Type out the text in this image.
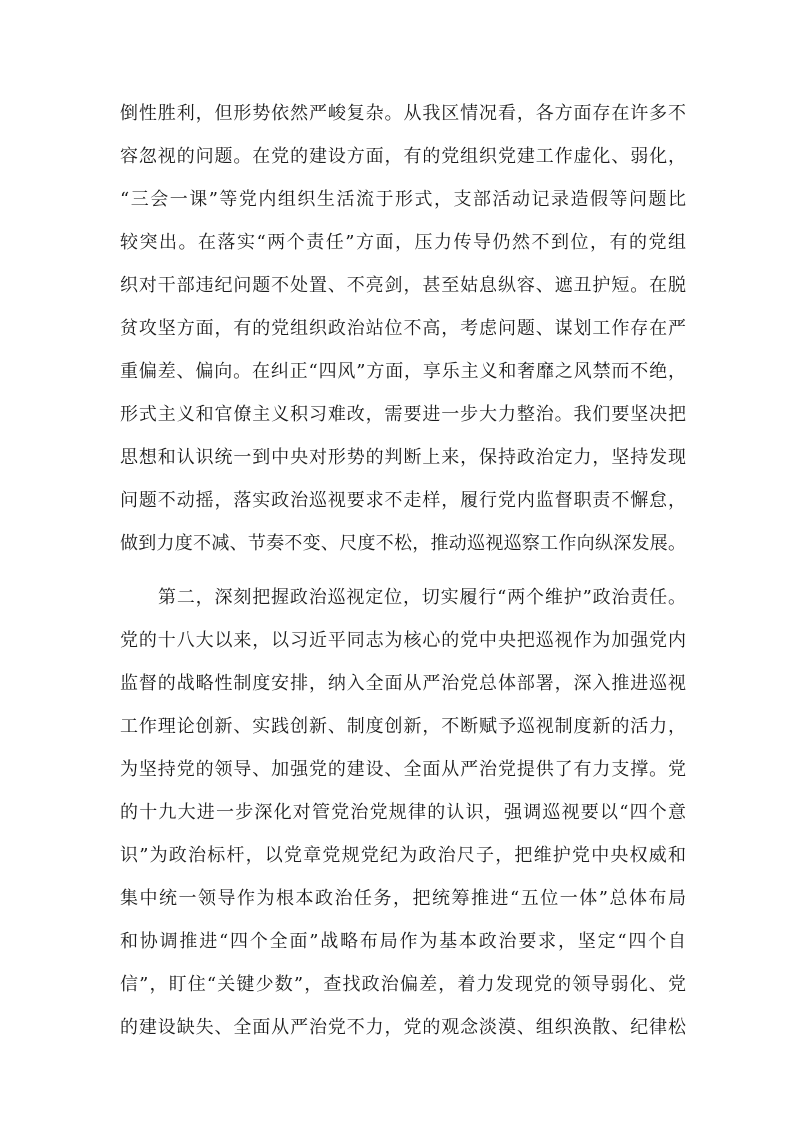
倒性胜利，但形势依然严峻复杂。从我区情况看，各方面存在许多不
容忽视的问题。在党的建设方面，有的党组织党建工作虚化、弱化，
“三会一课”等党内组织生活流于形式，支部活动记录造假等问题比
较突出。在落实“两个责任”方面，压力传导仍然不到位，有的党组
织对干部违纪问题不处置、不亮剑，甚至姑息纵容、遮丑护短。在脱
贫攻坚方面，有的党组织政治站位不高，考虑问题、谋划工作存在严
重偏差、偏向。在纠正“四风”方面，享乐主义和奢靡之风禁而不绝，
形式主义和官僚主义积习难改，需要进一步大力整治。我们要坚决把
思想和认识统一到中央对形势的判断上来，保持政治定力，坚持发现
问题不动摇，落实政治巡视要求不走样，履行党内监督职责不懈怠，
做到力度不减、节奏不变、尺度不松，推动巡视巡察工作向纵深发展。
第二，深刻把握政治巡视定位，切实履行“两个维护”政治责任。
党的十八大以来，以习近平同志为核心的党中央把巡视作为加强党内
监督的战略性制度安排，纳入全面从严治党总体部署，深入推进巡视
工作理论创新、实践创新、制度创新，不断赋予巡视制度新的活力，
为坚持党的领导、加强党的建设、全面从严治党提供了有力支撑。党
的十九大进一步深化对管党治党规律的认识，强调巡视要以“四个意
识”为政治标杆，以党章党规党纪为政治尺子，把维护党中央权威和
集中统一领导作为根本政治任务，把统筹推进“五位一体”总体布局
和协调推进“四个全面”战略布局作为基本政治要求，坚定“四个自
信”，盯住“关键少数”，查找政治偏差，着力发现党的领导弱化、党
的建设缺失、全面从严治党不力，党的观念淡漠、组织涣散、纪律松
